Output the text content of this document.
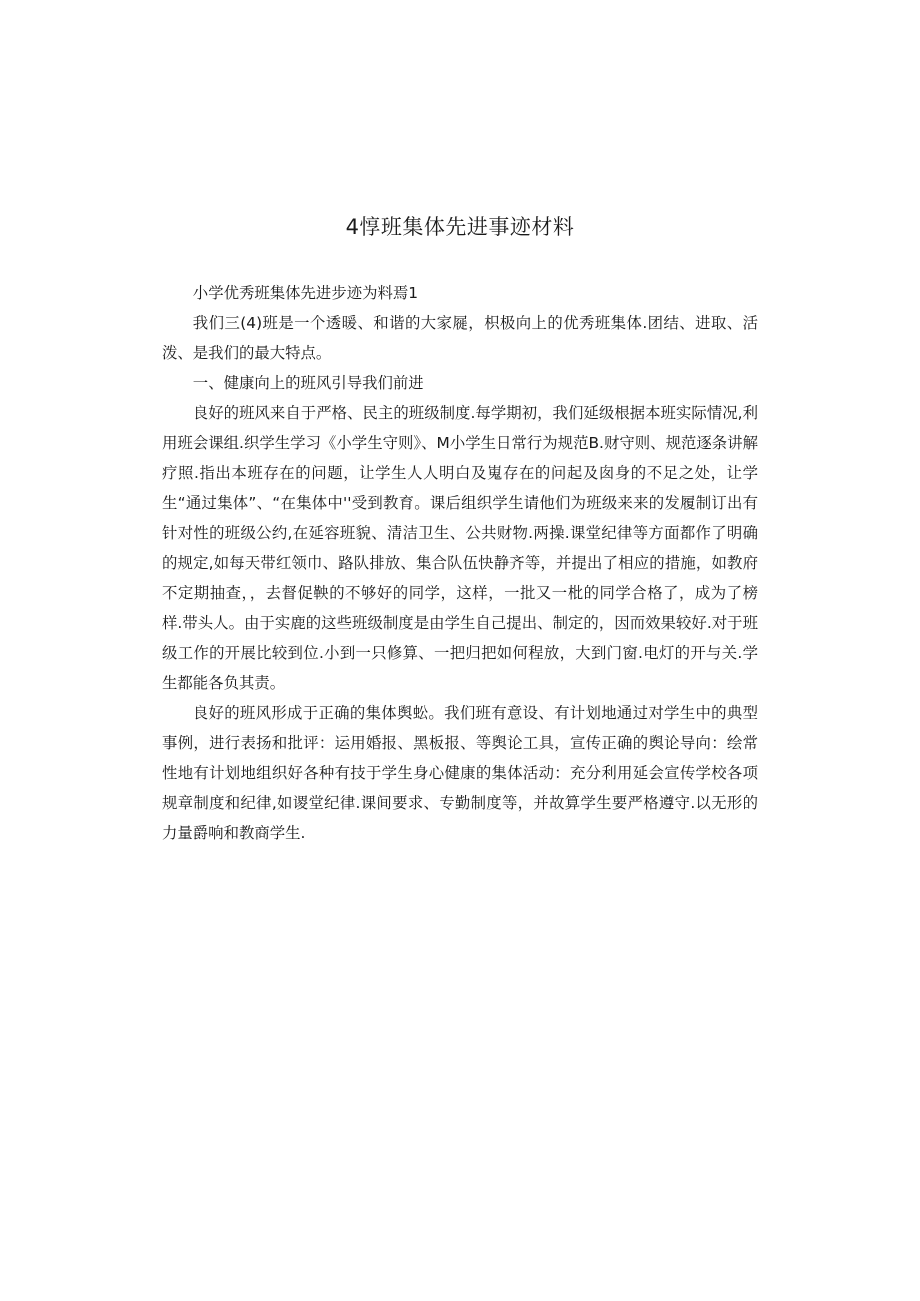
4惇班集体先进事迹材料

小学优秀班集体先进步迹为料焉1

我们三(4)班是一个透暖、和谐的大家屣，枳极向上的优秀班集体.团结、进取、活泼、是我们的最大特点。

一、健康向上的班风引导我们前进

良好的班风来自于严格、民主的班级制度.每学期初，我们延级根据本班实际情况,利用班会课组.织学生学习《小学生守则》、M小学生日常行为规范B.财守则、规范逐条讲解疗照.指出本班存在的问题，让学生人人明白及嵬存在的问起及囱身的不足之处，让学生“通过集体”、“在集体中''受到教育。课后组织学生请他们为班级来来的发履制订出有针对性的班级公约,在延容班貌、清洁卫生、公共财物.两操.课堂纪律等方面都作了明确的规定,如每天带红领巾、路队排放、集合队伍快静齐等，并提出了相应的措施，如教府不定期抽查，，去督促鞅的不够好的同学，这样，一批又一枇的同学合格了，成为了榜样.带头人。由于实鹿的这些班级制度是由学生自己提出、制定的，因而效果较好.对于班级工作的开展比较到位.小到一只修算、一把归把如何程放，大到门窗.电灯的开与关.学生都能各负其责。

良好的班风形成于正确的集体舆蚣。我们班有意设、有计划地通过对学生中的典型事例，进行表扬和批评：运用婚报、黑板报、等舆论工具，宣传正确的舆论导向：绘常性地有计划地组织好各种有技于学生身心健康的集体活动：充分利用延会宣传学校各项规章制度和纪律,如谡堂纪律.课间要求、专勤制度等，并故算学生要严格遵守.以无形的力量爵响和教商学生.
